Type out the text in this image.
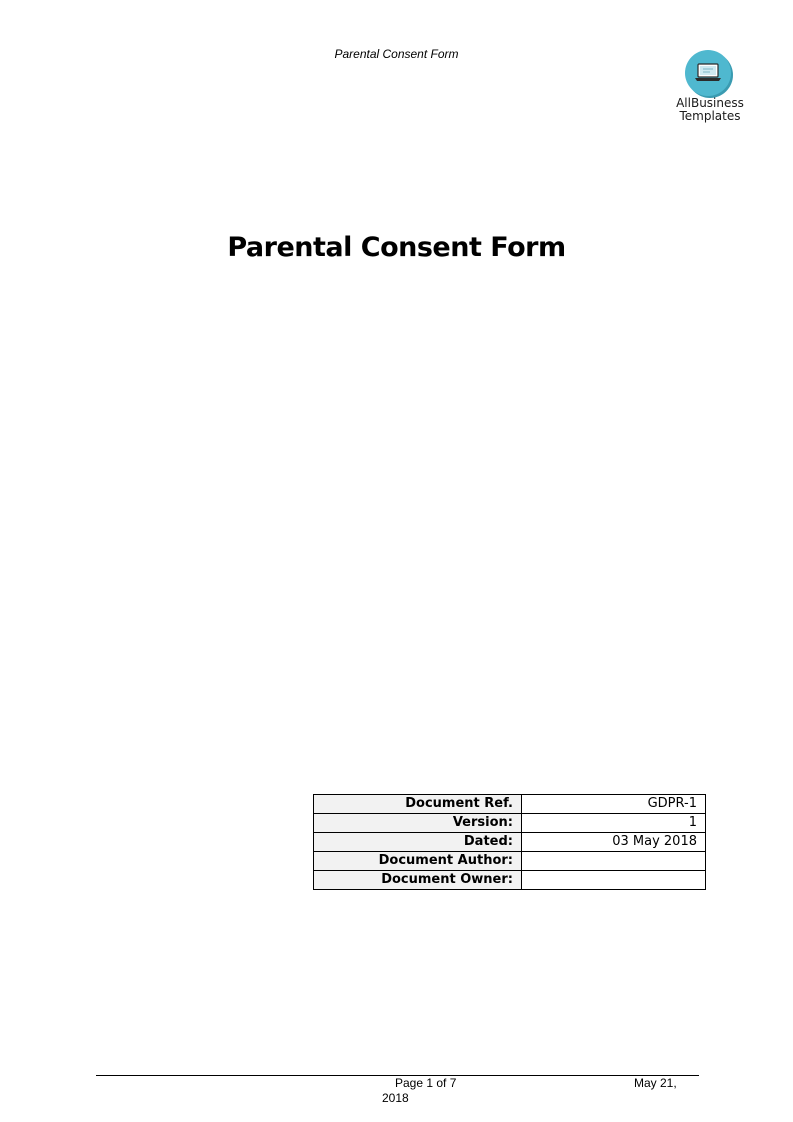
Parental Consent Form
AllBusiness
Templates
Parental Consent Form
Document Ref.	GDPR-1
Version:	1
Dated:	03 May 2018
Document Author:	
Document Owner:	
Page 1 of 7	May 21,
2018
